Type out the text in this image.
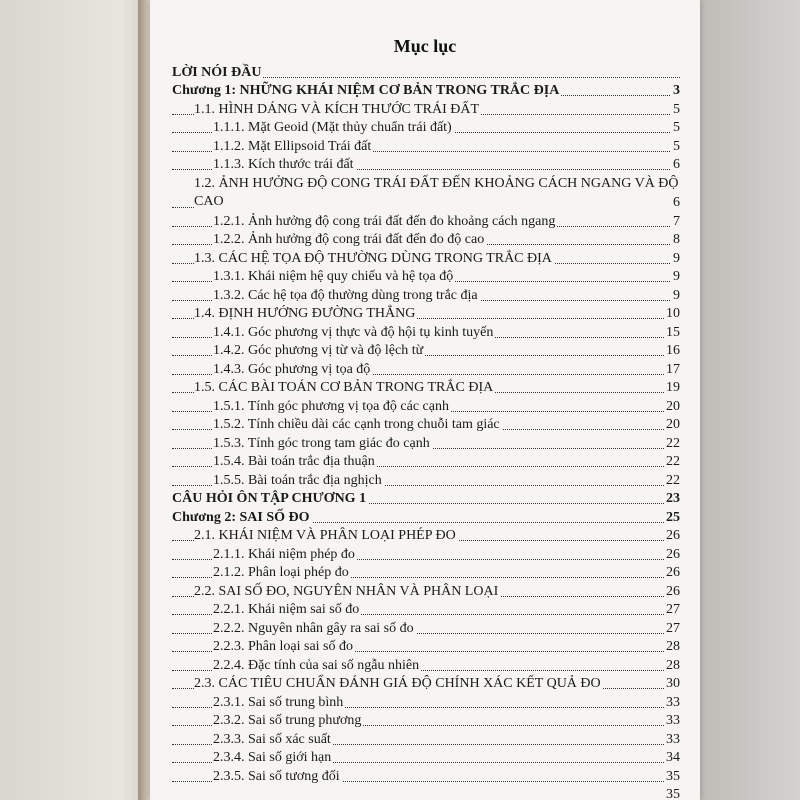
Mục lục
LỜI NÓI ĐẦU
Chương 1: NHỮNG KHÁI NIỆM CƠ BẢN TRONG TRẮC ĐỊA	3
1.1. HÌNH DÁNG VÀ KÍCH THƯỚC TRÁI ĐẤT	5
1.1.1. Mặt Geoid (Mặt thủy chuẩn trái đất)	5
1.1.2. Mặt Ellipsoid Trái đất	5
1.1.3. Kích thước trái đất	6
1.2. ẢNH HƯỞNG ĐỘ CONG TRÁI ĐẤT ĐẾN KHOẢNG CÁCH NGANG VÀ ĐỘ CAO	6
1.2.1. Ảnh hưởng độ cong trái đất đến đo khoảng cách ngang	7
1.2.2. Ảnh hưởng độ cong trái đất đến đo độ cao	8
1.3. CÁC HỆ TỌA ĐỘ THƯỜNG DÙNG TRONG TRẮC ĐỊA	9
1.3.1. Khái niệm hệ quy chiếu và hệ tọa độ	9
1.3.2. Các hệ tọa độ thường dùng trong trắc địa	9
1.4. ĐỊNH HƯỚNG ĐƯỜNG THẲNG	10
1.4.1. Góc phương vị thực và độ hội tụ kinh tuyến	15
1.4.2. Góc phương vị từ và độ lệch từ	16
1.4.3. Góc phương vị tọa độ	17
1.5. CÁC BÀI TOÁN CƠ BẢN TRONG TRẮC ĐỊA	19
1.5.1. Tính góc phương vị tọa độ các cạnh	20
1.5.2. Tính chiều dài các cạnh trong chuỗi tam giác	20
1.5.3. Tính góc trong tam giác đo cạnh	22
1.5.4. Bài toán trắc địa thuận	22
1.5.5. Bài toán trắc địa nghịch	22
CÂU HỎI ÔN TẬP CHƯƠNG 1	23
Chương 2: SAI SỐ ĐO	25
2.1. KHÁI NIỆM VÀ PHÂN LOẠI PHÉP ĐO	26
2.1.1. Khái niệm phép đo	26
2.1.2. Phân loại phép đo	26
2.2. SAI SỐ ĐO, NGUYÊN NHÂN VÀ PHÂN LOẠI	26
2.2.1. Khái niệm sai số đo	27
2.2.2. Nguyên nhân gây ra sai số đo	27
2.2.3. Phân loại sai số đo	28
2.2.4. Đặc tính của sai số ngẫu nhiên	28
2.3. CÁC TIÊU CHUẨN ĐÁNH GIÁ ĐỘ CHÍNH XÁC KẾT QUẢ ĐO	30
2.3.1. Sai số trung bình	33
2.3.2. Sai số trung phương	33
2.3.3. Sai số xác suất	33
2.3.4. Sai số giới hạn	34
2.3.5. Sai số tương đối	35
35
